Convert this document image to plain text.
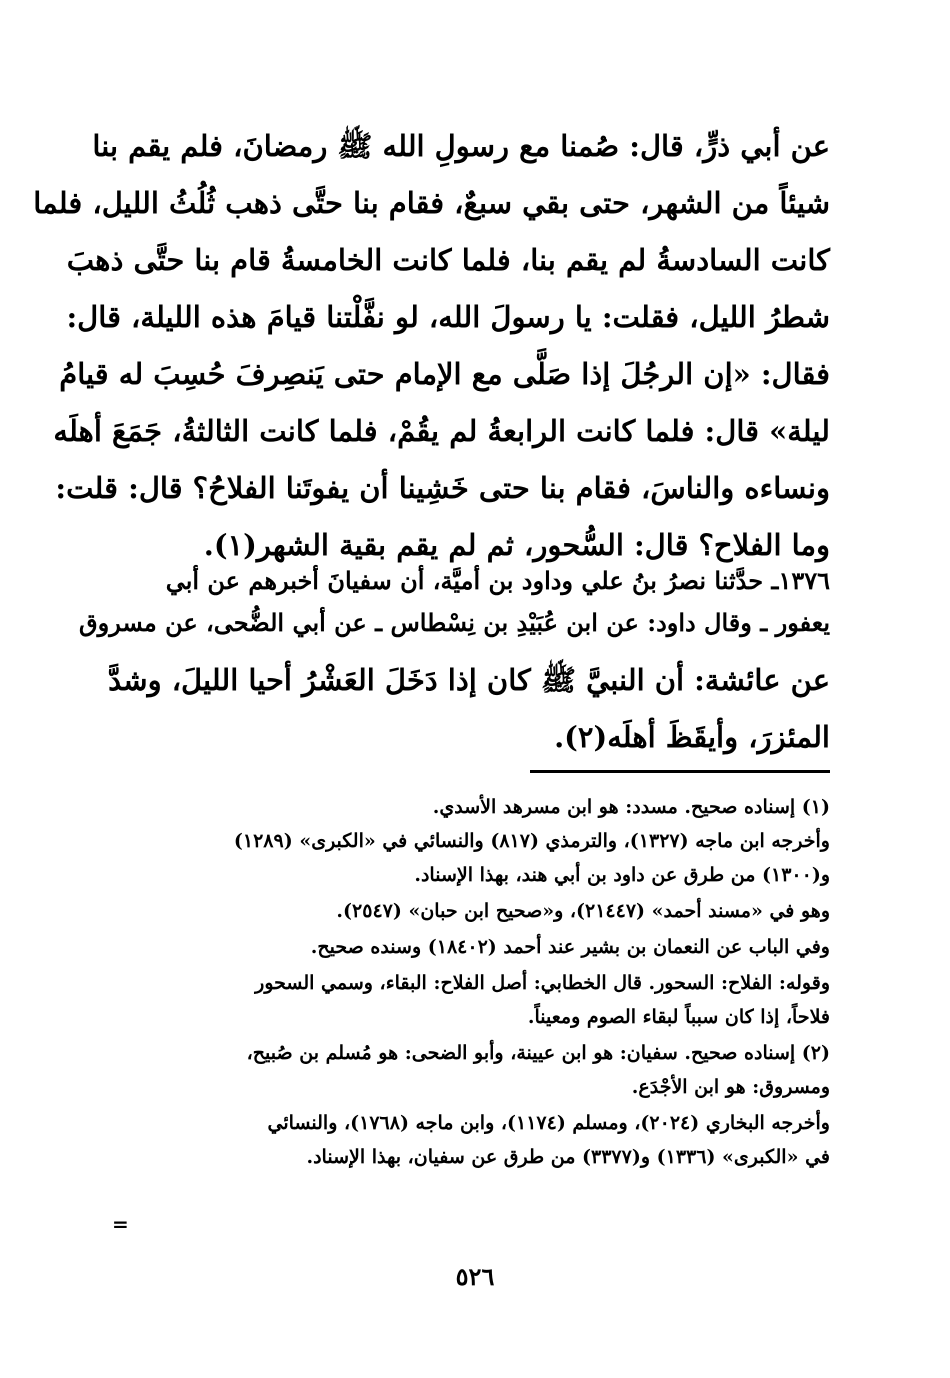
عن أبي ذرٍّ، قال: صُمنا مع رسولِ الله ﷺ رمضانَ، فلم يقم بنا

شيئاً من الشهر، حتى بقي سبعٌ، فقام بنا حتَّى ذهب ثُلُثُ الليل، فلما

كانت السادسةُ لم يقم بنا، فلما كانت الخامسةُ قام بنا حتَّى ذهبَ

شطرُ الليل، فقلت: يا رسولَ الله، لو نفَّلْتنا قيامَ هذه الليلة، قال:

فقال: «إن الرجُلَ إذا صَلَّى مع الإمام حتى يَنصِرفَ حُسِبَ له قيامُ

ليلة» قال: فلما كانت الرابعةُ لم يقُمْ، فلما كانت الثالثةُ، جَمَعَ أهلَه

ونساءه والناسَ، فقام بنا حتى خَشِينا أن يفوتَنا الفلاحُ؟ قال: قلت:

وما الفلاح؟ قال: السُّحور، ثم لم يقم بقية الشهر(١).

١٣٧٦ـ حدَّثنا نصرُ بنُ علي وداود بن أميَّة، أن سفيانَ أخبرهم عن أبي

يعفور ـ وقال داود: عن ابن عُبَيْدِ بن نِسْطاس ـ عن أبي الضُّحى، عن مسروق

عن عائشة: أن النبيَّ ﷺ كان إذا دَخَلَ العَشْرُ أحيا الليلَ، وشدَّ

المئزرَ، وأيقَظَ أهلَه(٢).

(١) إسناده صحيح. مسدد: هو ابن مسرهد الأسدي.

وأخرجه ابن ماجه (١٣٢٧)، والترمذي (٨١٧) والنسائي في «الكبرى» (١٢٨٩)

و(١٣٠٠) من طرق عن داود بن أبي هند، بهذا الإسناد.

وهو في «مسند أحمد» (٢١٤٤٧)، و«صحيح ابن حبان» (٢٥٤٧).

وفي الباب عن النعمان بن بشير عند أحمد (١٨٤٠٢) وسنده صحيح.

وقوله: الفلاح: السحور. قال الخطابي: أصل الفلاح: البقاء، وسمي السحور

فلاحاً، إذا كان سبباً لبقاء الصوم ومعيناً.

(٢) إسناده صحيح. سفيان: هو ابن عيينة، وأبو الضحى: هو مُسلم بن صُبيح،

ومسروق: هو ابن الأجْدَع.

وأخرجه البخاري (٢٠٢٤)، ومسلم (١١٧٤)، وابن ماجه (١٧٦٨)، والنسائي

في «الكبرى» (١٣٣٦) و(٣٣٧٧) من طرق عن سفيان، بهذا الإسناد.

=
٥٢٦
